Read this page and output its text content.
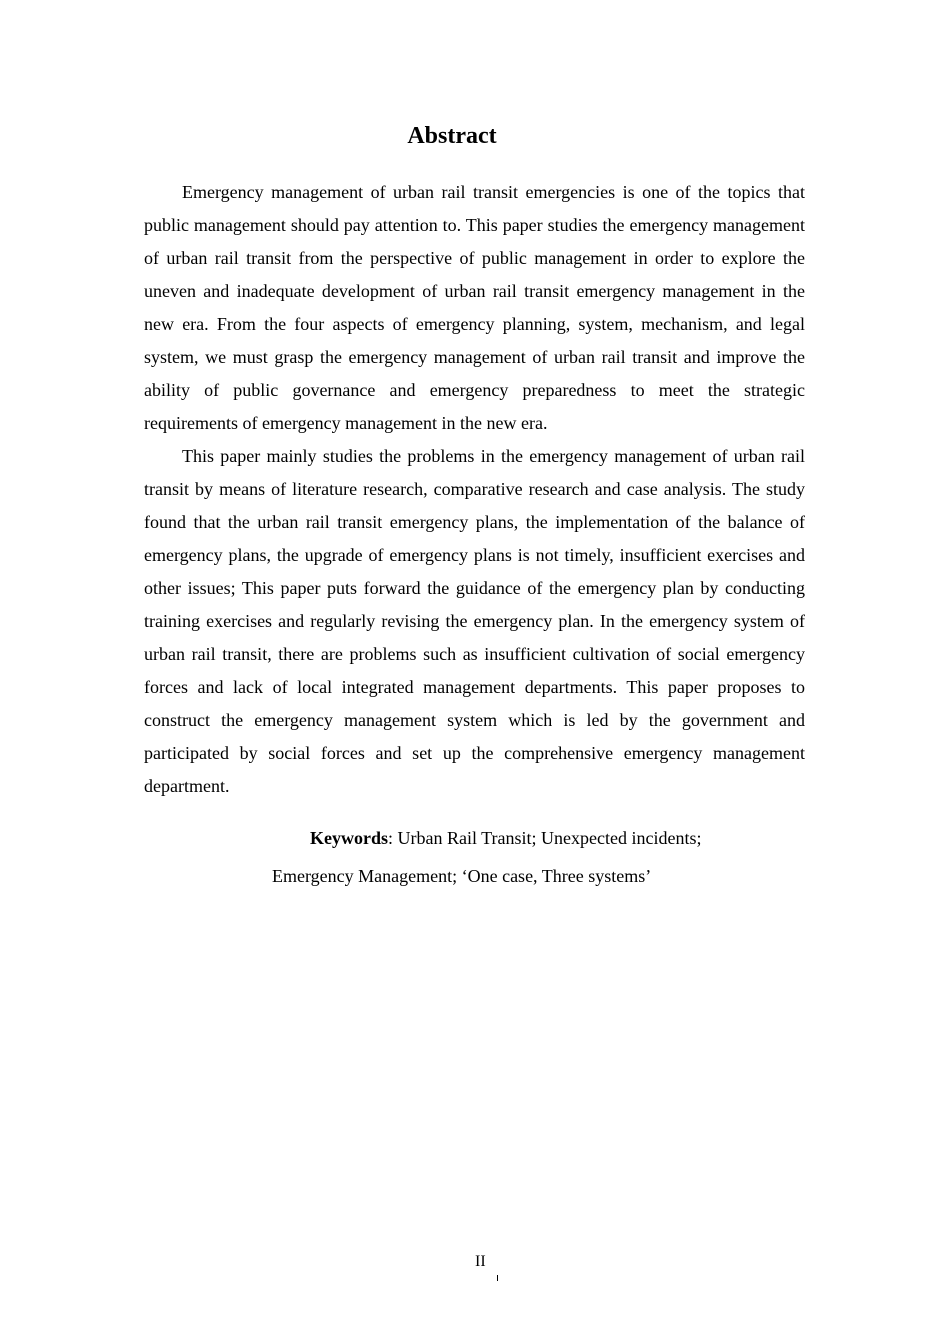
Abstract

Emergency management of urban rail transit emergencies is one of the topics that public management should pay attention to. This paper studies the emergency management of urban rail transit from the perspective of public management in order to explore the uneven and inadequate development of urban rail transit emergency management in the new era. From the four aspects of emergency planning, system, mechanism, and legal system, we must grasp the emergency management of urban rail transit and improve the ability of public governance and emergency preparedness to meet the strategic requirements of emergency management in the new era.

This paper mainly studies the problems in the emergency management of urban rail transit by means of literature research, comparative research and case analysis. The study found that the urban rail transit emergency plans, the implementation of the balance of emergency plans, the upgrade of emergency plans is not timely, insufficient exercises and other issues; This paper puts forward the guidance of the emergency plan by conducting training exercises and regularly revising the emergency plan. In the emergency system of urban rail transit, there are problems such as insufficient cultivation of social emergency forces and lack of local integrated management departments. This paper proposes to construct the emergency management system which is led by the government and participated by social forces and set up the comprehensive emergency management department.

Keywords: Urban Rail Transit; Unexpected incidents;
Emergency Management; ‘One case, Three systems’
II
